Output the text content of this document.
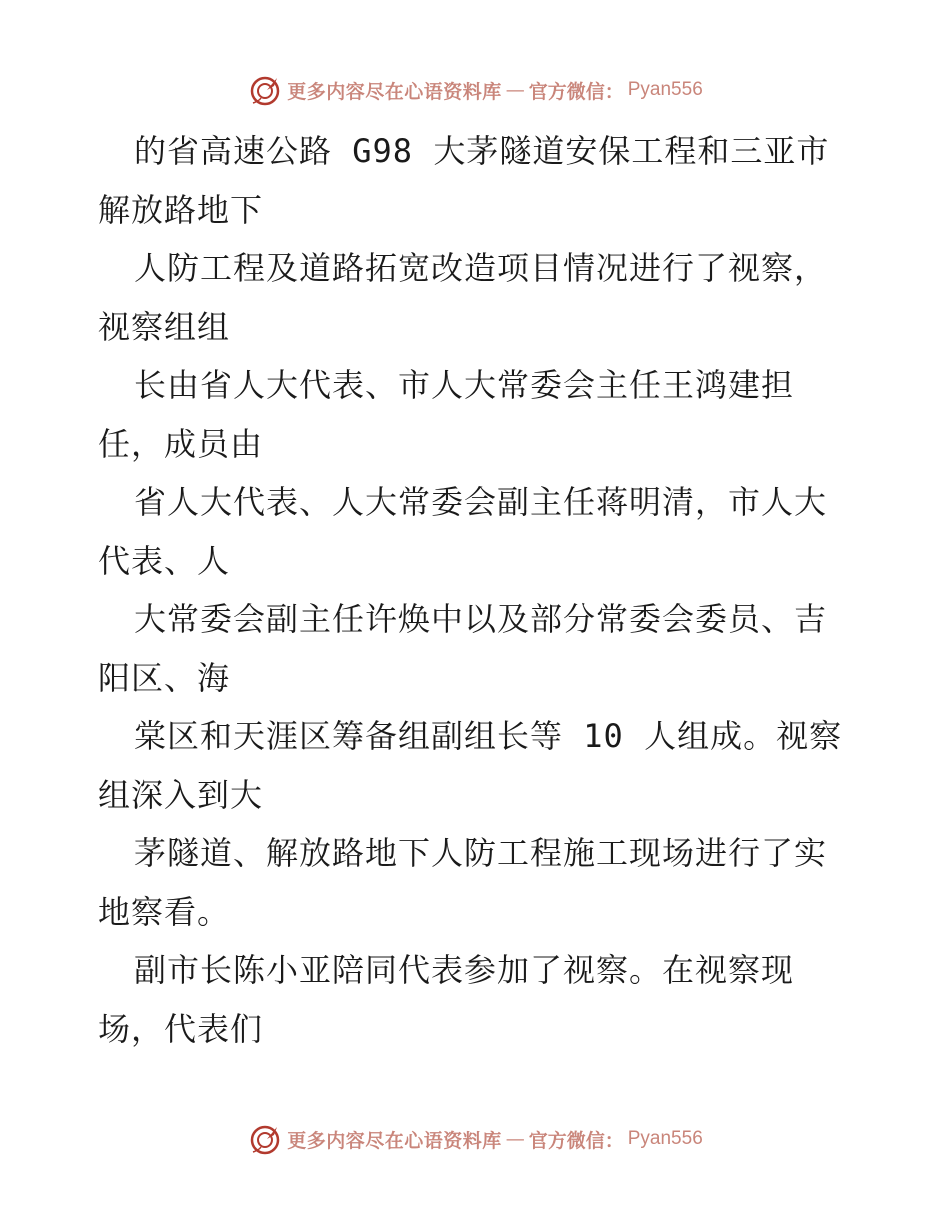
更多内容尽在心语资料库 — 官方微信： Pyan556
的省高速公路 G98 大茅隧道安保工程和三亚市
解放路地下
人防工程及道路拓宽改造项目情况进行了视察，
视察组组
长由省人大代表、市人大常委会主任王鸿建担
任，成员由
省人大代表、人大常委会副主任蒋明清，市人大
代表、人
大常委会副主任许焕中以及部分常委会委员、吉
阳区、海
棠区和天涯区筹备组副组长等 10 人组成。视察
组深入到大
茅隧道、解放路地下人防工程施工现场进行了实
地察看。
副市长陈小亚陪同代表参加了视察。在视察现
场，代表们
更多内容尽在心语资料库 — 官方微信： Pyan556
